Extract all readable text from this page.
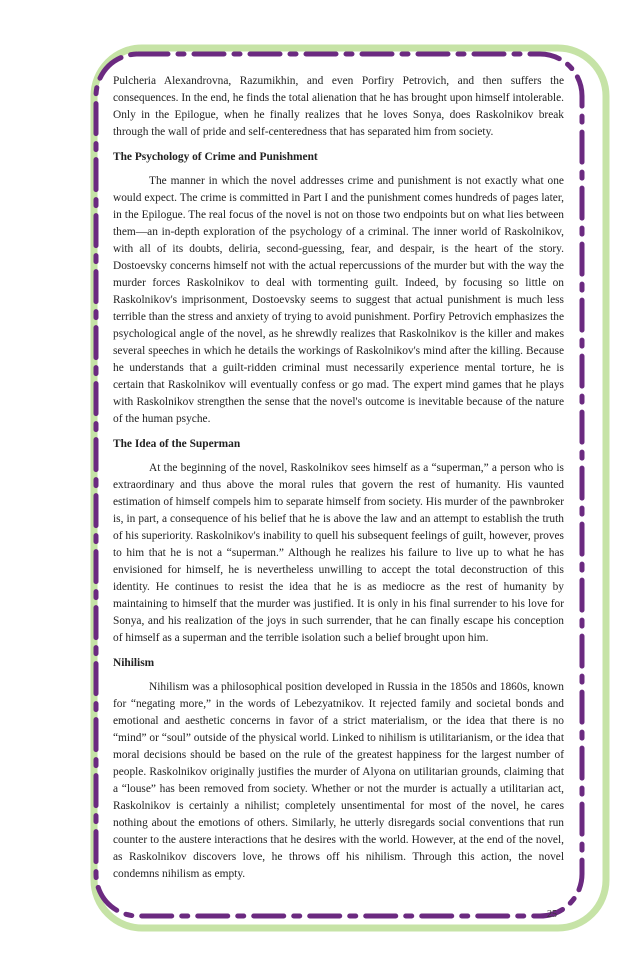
Pulcheria Alexandrovna, Razumikhin, and even Porfiry Petrovich, and then suffers the consequences. In the end, he finds the total alienation that he has brought upon himself intolerable. Only in the Epilogue, when he finally realizes that he loves Sonya, does Raskolnikov break through the wall of pride and self-centeredness that has separated him from society.

The Psychology of Crime and Punishment

The manner in which the novel addresses crime and punishment is not exactly what one would expect. The crime is committed in Part I and the punishment comes hundreds of pages later, in the Epilogue. The real focus of the novel is not on those two endpoints but on what lies between them—an in-depth exploration of the psychology of a criminal. The inner world of Raskolnikov, with all of its doubts, deliria, second-guessing, fear, and despair, is the heart of the story. Dostoevsky concerns himself not with the actual repercussions of the murder but with the way the murder forces Raskolnikov to deal with tormenting guilt. Indeed, by focusing so little on Raskolnikov's imprisonment, Dostoevsky seems to suggest that actual punishment is much less terrible than the stress and anxiety of trying to avoid punishment. Porfiry Petrovich emphasizes the psychological angle of the novel, as he shrewdly realizes that Raskolnikov is the killer and makes several speeches in which he details the workings of Raskolnikov's mind after the killing. Because he understands that a guilt-ridden criminal must necessarily experience mental torture, he is certain that Raskolnikov will eventually confess or go mad. The expert mind games that he plays with Raskolnikov strengthen the sense that the novel's outcome is inevitable because of the nature of the human psyche.

The Idea of the Superman

At the beginning of the novel, Raskolnikov sees himself as a “superman,” a person who is extraordinary and thus above the moral rules that govern the rest of humanity. His vaunted estimation of himself compels him to separate himself from society. His murder of the pawnbroker is, in part, a consequence of his belief that he is above the law and an attempt to establish the truth of his superiority. Raskolnikov's inability to quell his subsequent feelings of guilt, however, proves to him that he is not a “superman.” Although he realizes his failure to live up to what he has envisioned for himself, he is nevertheless unwilling to accept the total deconstruction of this identity. He continues to resist the idea that he is as mediocre as the rest of humanity by maintaining to himself that the murder was justified. It is only in his final surrender to his love for Sonya, and his realization of the joys in such surrender, that he can finally escape his conception of himself as a superman and the terrible isolation such a belief brought upon him.

Nihilism

Nihilism was a philosophical position developed in Russia in the 1850s and 1860s, known for “negating more,” in the words of Lebezyatnikov. It rejected family and societal bonds and emotional and aesthetic concerns in favor of a strict materialism, or the idea that there is no “mind” or “soul” outside of the physical world. Linked to nihilism is utilitarianism, or the idea that moral decisions should be based on the rule of the greatest happiness for the largest number of people. Raskolnikov originally justifies the murder of Alyona on utilitarian grounds, claiming that a “louse” has been removed from society. Whether or not the murder is actually a utilitarian act, Raskolnikov is certainly a nihilist; completely unsentimental for most of the novel, he cares nothing about the emotions of others. Similarly, he utterly disregards social conventions that run counter to the austere interactions that he desires with the world. However, at the end of the novel, as Raskolnikov discovers love, he throws off his nihilism. Through this action, the novel condemns nihilism as empty.

25
